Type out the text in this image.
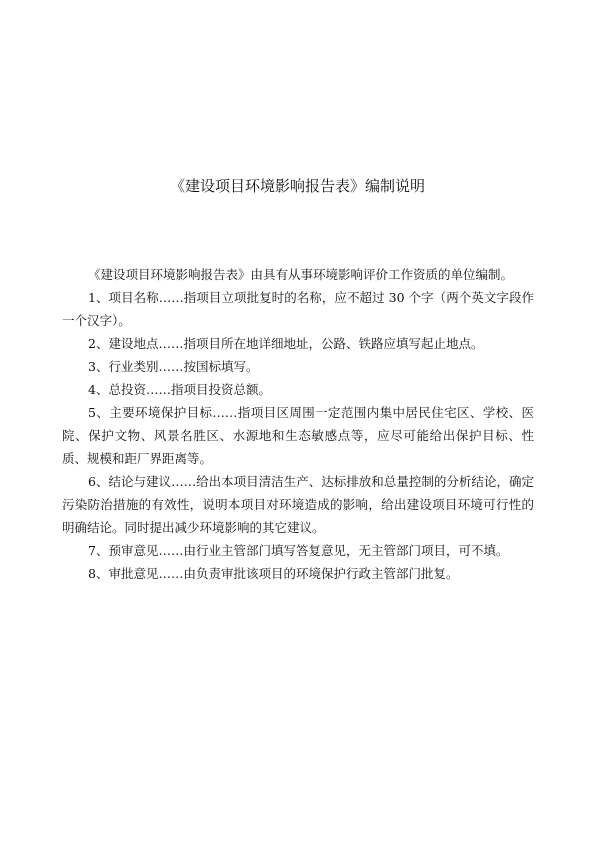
《建设项目环境影响报告表》编制说明

《建设项目环境影响报告表》由具有从事环境影响评价工作资质的单位编制。

1、项目名称……指项目立项批复时的名称，应不超过 30 个字（两个英文字段作一个汉字）。

2、建设地点……指项目所在地详细地址，公路、铁路应填写起止地点。

3、行业类别……按国标填写。

4、总投资……指项目投资总额。

5、主要环境保护目标……指项目区周围一定范围内集中居民住宅区、学校、医院、保护文物、风景名胜区、水源地和生态敏感点等，应尽可能给出保护目标、性质、规模和距厂界距离等。

6、结论与建议……给出本项目清洁生产、达标排放和总量控制的分析结论，确定污染防治措施的有效性，说明本项目对环境造成的影响，给出建设项目环境可行性的明确结论。同时提出减少环境影响的其它建议。

7、预审意见……由行业主管部门填写答复意见，无主管部门项目，可不填。

8、审批意见……由负责审批该项目的环境保护行政主管部门批复。
